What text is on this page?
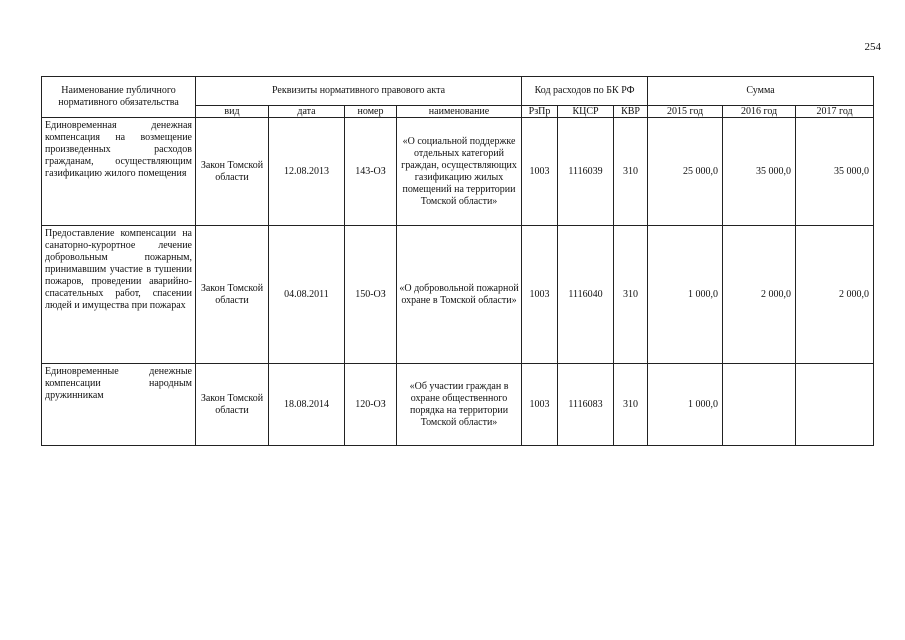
254
Наименование публичного нормативного обязательства	Реквизиты нормативного правового акта				Код расходов по БК РФ			Сумма		
	вид	дата	номер	наименование	РзПр	КЦСР	КВР	2015 год	2016 год	2017 год
Единовременная денежная компенсация на возмещение произведенных расходов гражданам, осуществляющим газификацию жилого помещения	Закон Томской области	12.08.2013	143-ОЗ	«О социальной поддержке отдельных категорий граждан, осуществляющих газификацию жилых помещений на территории Томской области»	1003	1116039	310	25 000,0	35 000,0	35 000,0
Предоставление компенсации на санаторно-курортное лечение добровольным пожарным, принимавшим участие в тушении пожаров, проведении аварийно-спасательных работ, спасении людей и имущества при пожарах	Закон Томской области	04.08.2011	150-ОЗ	«О добровольной пожарной охране в Томской области»	1003	1116040	310	1 000,0	2 000,0	2 000,0
Единовременные денежные компенсации народным дружинникам	Закон Томской области	18.08.2014	120-ОЗ	«Об участии граждан в охране общественного порядка на территории Томской области»	1003	1116083	310	1 000,0		
